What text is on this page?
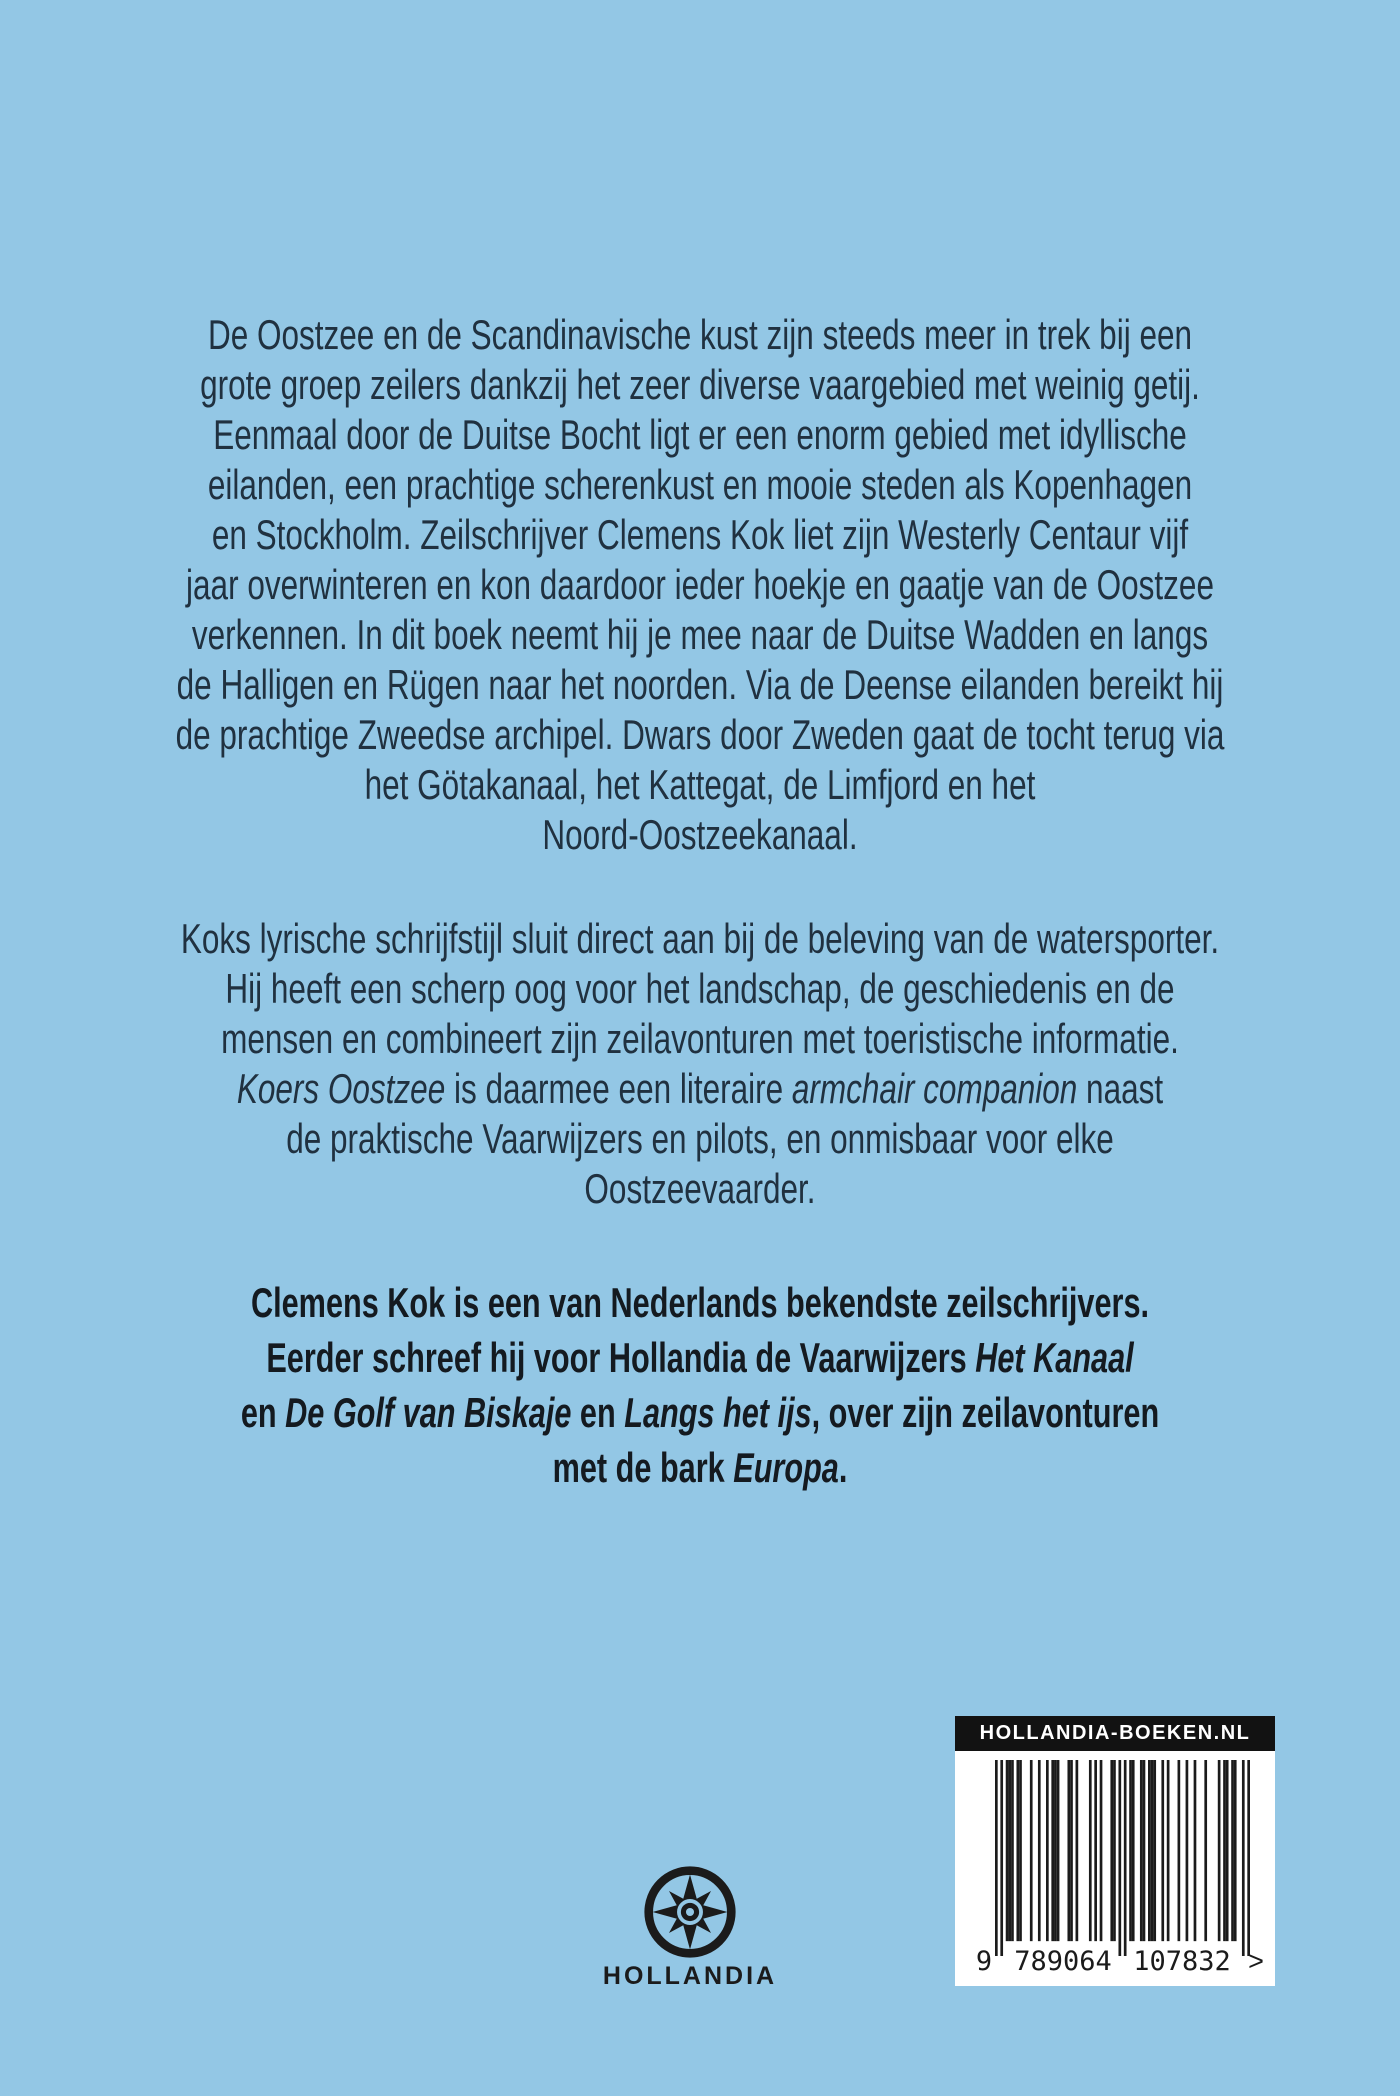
De Oostzee en de Scandinavische kust zijn steeds meer in trek bij een
grote groep zeilers dankzij het zeer diverse vaargebied met weinig getij.
Eenmaal door de Duitse Bocht ligt er een enorm gebied met idyllische
eilanden, een prachtige scherenkust en mooie steden als Kopenhagen
en Stockholm. Zeilschrijver Clemens Kok liet zijn Westerly Centaur vijf
jaar overwinteren en kon daardoor ieder hoekje en gaatje van de Oostzee
verkennen. In dit boek neemt hij je mee naar de Duitse Wadden en langs
de Halligen en Rügen naar het noorden. Via de Deense eilanden bereikt hij
de prachtige Zweedse archipel. Dwars door Zweden gaat de tocht terug via
het Götakanaal, het Kattegat, de Limfjord en het
Noord-Oostzeekanaal.
Koks lyrische schrijfstijl sluit direct aan bij de beleving van de watersporter.
Hij heeft een scherp oog voor het landschap, de geschiedenis en de
mensen en combineert zijn zeilavonturen met toeristische informatie.
Koers Oostzee is daarmee een literaire armchair companion naast
de praktische Vaarwijzers en pilots, en onmisbaar voor elke
Oostzeevaarder.
Clemens Kok is een van Nederlands bekendste zeilschrijvers.
Eerder schreef hij voor Hollandia de Vaarwijzers Het Kanaal
en De Golf van Biskaje en Langs het ijs, over zijn zeilavonturen
met de bark Europa.
HOLLANDIA
HOLLANDIA-BOEKEN.NL
9 789064 107832 >
